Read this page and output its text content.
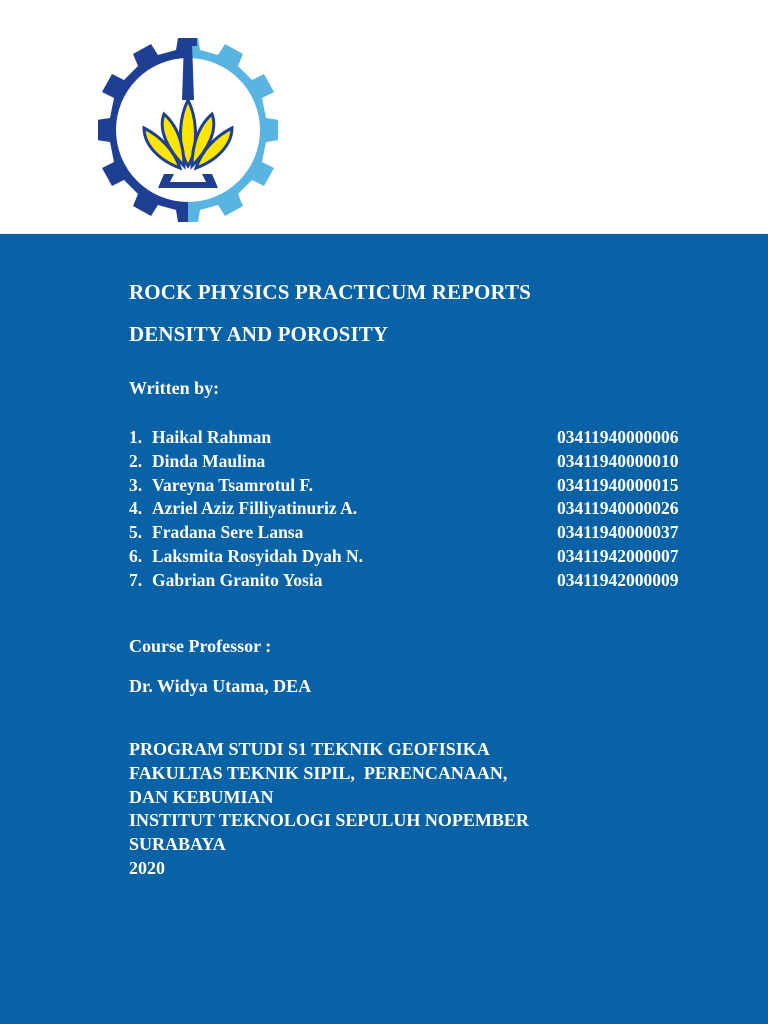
ROCK PHYSICS PRACTICUM REPORTS
DENSITY AND POROSITY
Written by:
1. Haikal Rahman	03411940000006
2. Dinda Maulina	03411940000010
3. Vareyna Tsamrotul F.	03411940000015
4. Azriel Aziz Filliyatinuriz A.	03411940000026
5. Fradana Sere Lansa	03411940000037
6. Laksmita Rosyidah Dyah N.	03411942000007
7. Gabrian Granito Yosia	03411942000009
Course Professor :
Dr. Widya Utama, DEA
PROGRAM STUDI S1 TEKNIK GEOFISIKA
FAKULTAS TEKNIK SIPIL,  PERENCANAAN,
DAN KEBUMIAN
INSTITUT TEKNOLOGI SEPULUH NOPEMBER
SURABAYA
2020
